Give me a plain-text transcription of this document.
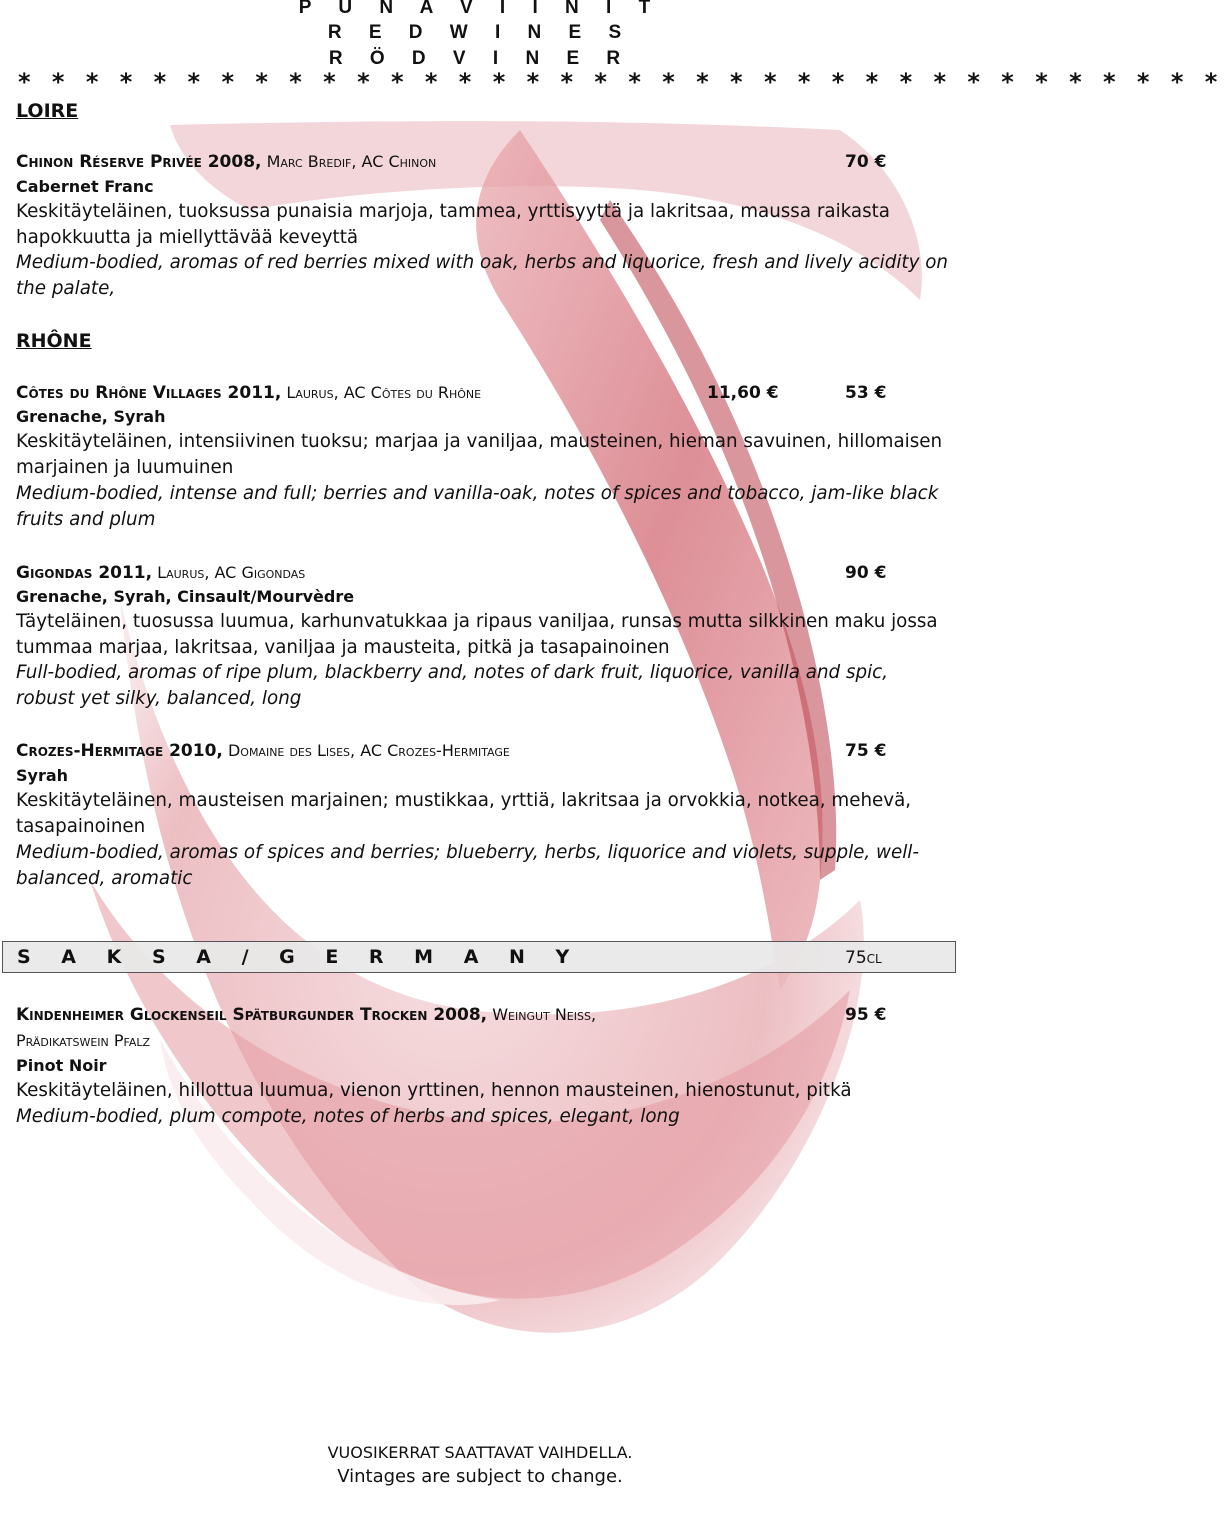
P U N A V I I N I T
R E D W I N E S
R Ö D V I N E R
* * * * * * * * * * * * * * * * * * * * * * * * * * * * * * * * * * * *
LOIRE
Chinon Réserve Privée 2008, Marc Bredif, AC Chinon	70 €
Cabernet Franc

Keskitäyteläinen, tuoksussa punaisia marjoja, tammea, yrttisyyttä ja lakritsaa, maussa raikasta hapokkuutta ja miellyttävää keveyttä

Medium-bodied, aromas of red berries mixed with oak, herbs and liquorice, fresh and lively acidity on the palate,

RHÔNE
Côtes du Rhône Villages 2011, Laurus, AC Côtes du Rhône	11,60 €	53 €
Grenache, Syrah

Keskitäyteläinen, intensiivinen tuoksu; marjaa ja vaniljaa, mausteinen, hieman savuinen, hillomaisen marjainen ja luumuinen

Medium-bodied, intense and full; berries and vanilla-oak, notes of spices and tobacco, jam-like black fruits and plum

Gigondas 2011, Laurus, AC Gigondas	90 €
Grenache, Syrah, Cinsault/Mourvèdre

Täyteläinen, tuosussa luumua, karhunvatukkaa ja ripaus vaniljaa, runsas mutta silkkinen maku jossa tummaa marjaa, lakritsaa, vaniljaa ja mausteita, pitkä ja tasapainoinen

Full-bodied, aromas of ripe plum, blackberry and, notes of dark fruit, liquorice, vanilla and spic, robust yet silky, balanced, long

Crozes-Hermitage 2010, Domaine des Lises, AC Crozes-Hermitage	75 €
Syrah

Keskitäyteläinen, mausteisen marjainen; mustikkaa, yrttiä, lakritsaa ja orvokkia, notkea, mehevä, tasapainoinen

Medium-bodied, aromas of spices and berries; blueberry, herbs, liquorice and violets, supple, well-balanced, aromatic

S A K S A / G E R M A N Y	75cl
Kindenheimer Glockenseil Spätburgunder Trocken 2008, Weingut Neiss,	95 €
Prädikatswein Pfalz
Pinot Noir

Keskitäyteläinen, hillottua luumua, vienon yrttinen, hennon mausteinen, hienostunut, pitkä

Medium-bodied, plum compote, notes of herbs and spices, elegant, long

VUOSIKERRAT SAATTAVAT VAIHDELLA.
Vintages are subject to change.
